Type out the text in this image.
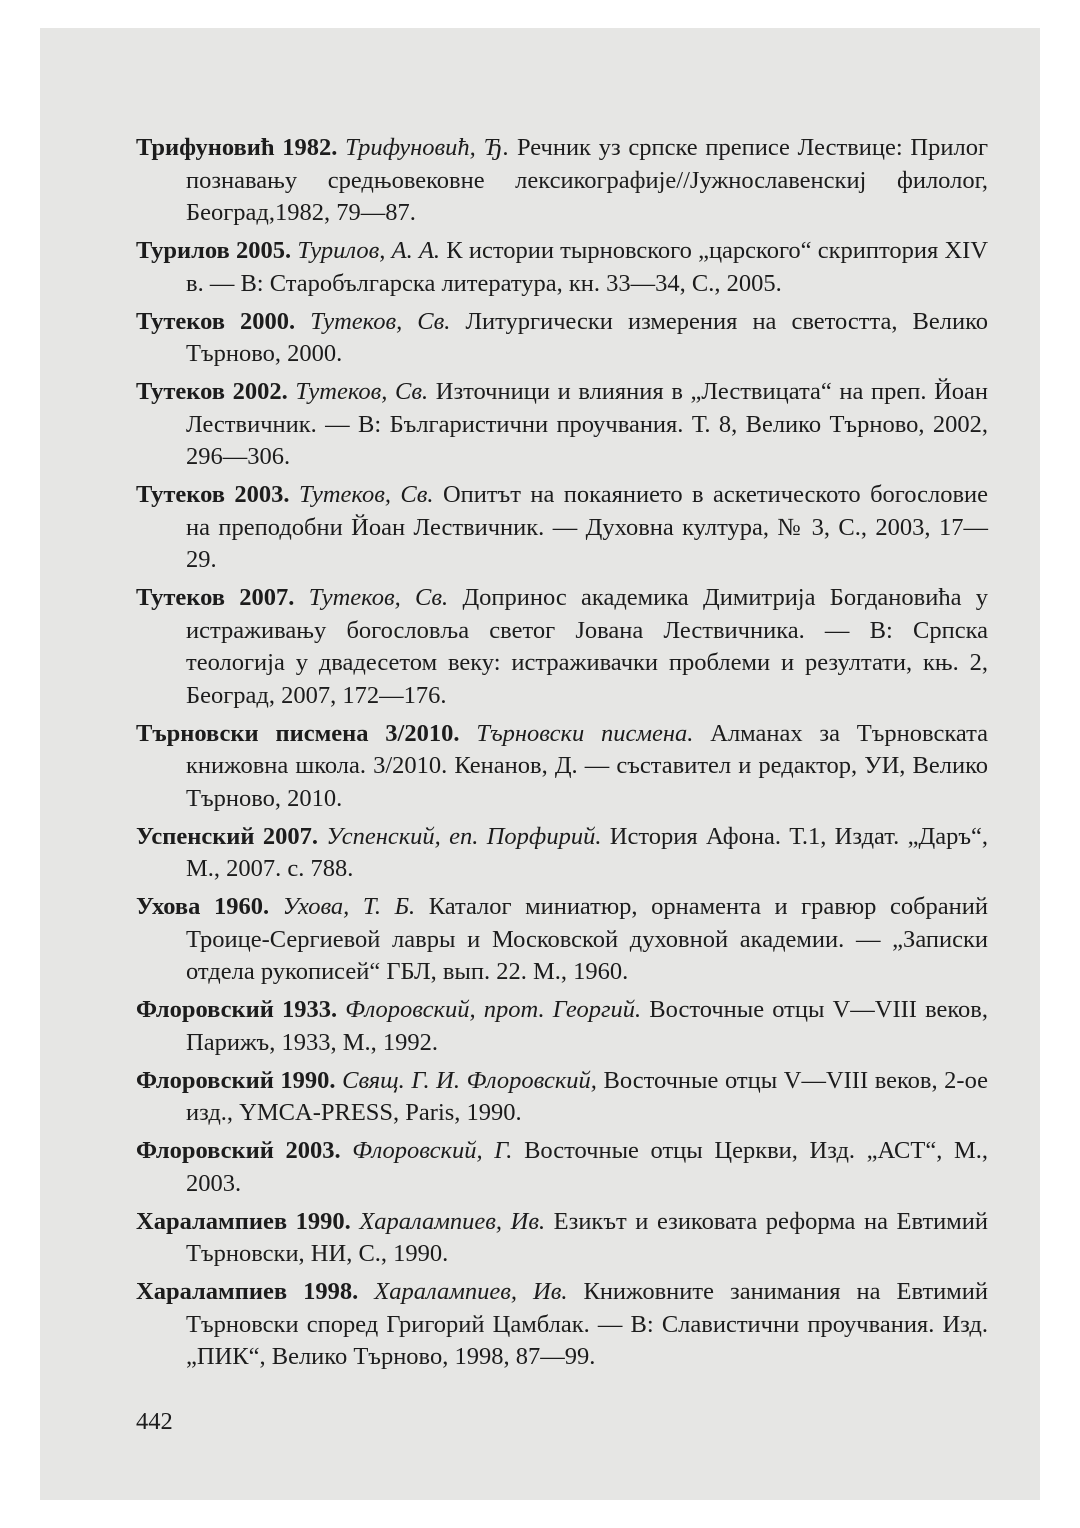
Трифуновић 1982. Трифуновић, Ђ. Речник уз српске преписе Лествице: Прилог познавању средњовековне лексикографије//Јужнославенскиј филолог, Београд,1982, 79—87.

Турилов 2005. Турилов, А. А. К истории тырновского „царского“ скриптория XIV в. — В: Старобългарска литература, кн. 33—34, С., 2005.

Тутеков 2000. Тутеков, Св. Литургически измерения на светостта, Велико Търново, 2000.

Тутеков 2002. Тутеков, Св. Източници и влияния в „Лествицата“ на преп. Йоан Лествичник. — В: Българистични проучвания. Т. 8, Велико Търново, 2002, 296—306.

Тутеков 2003. Тутеков, Св. Опитът на покаянието в аскетическото богословие на преподобни Йоан Лествичник. — Духовна култура, № 3, С., 2003, 17—29.

Тутеков 2007. Тутеков, Св. Допринос академика Димитрија Богдановића у истраживању богословља светог Јована Лествичника. — В: Српска теологија у двадесетом веку: истраживачки проблеми и резултати, књ. 2, Београд, 2007, 172—176.

Търновски писмена 3/2010. Търновски писмена. Алманах за Търновската книжовна школа. 3/2010. Кенанов, Д. — съставител и редактор, УИ, Велико Търново, 2010.

Успенский 2007. Успенский, еп. Порфирий. История Афона. Т.1, Издат. „Даръ“, М., 2007. с. 788.

Ухова 1960. Ухова, Т. Б. Каталог миниатюр, орнамента и гравюр собраний Троице-Сергиевой лавры и Московской духовной академии. — „Записки отдела рукописей“ ГБЛ, вып. 22. М., 1960.

Флоровский 1933. Флоровский, прот. Георгий. Восточные отцы V—VIII веков, Парижъ, 1933, М., 1992.

Флоровский 1990. Свящ. Г. И. Флоровский, Восточные отцы V—VIII веков, 2-ое изд., YMCA-PRESS, Paris, 1990.

Флоровский 2003. Флоровский, Г. Восточные отцы Церкви, Изд. „АСТ“, М., 2003.

Харалампиев 1990. Харалампиев, Ив. Езикът и езиковата реформа на Евтимий Търновски, НИ, С., 1990.

Харалампиев 1998. Харалампиев, Ив. Книжовните занимания на Евтимий Търновски според Григорий Цамблак. — В: Славистични проучвания. Изд. „ПИК“, Велико Търново, 1998, 87—99.

442
